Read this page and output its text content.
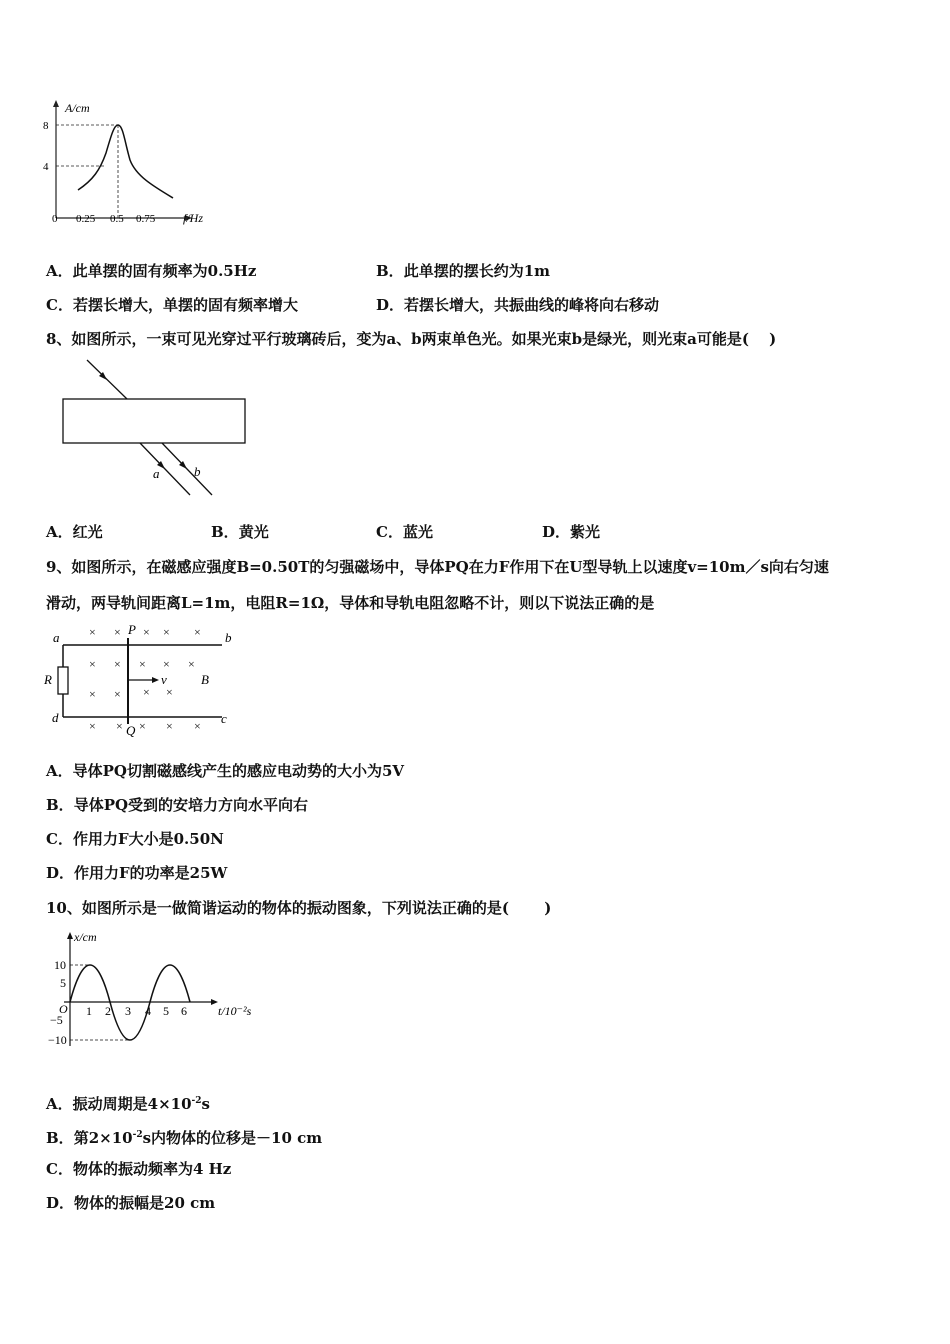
A/cm
8
4
0 0.25 0.5 0.75 f/Hz
A．此单摆的固有频率为0.5Hz	B．此单摆的摆长约为1m
C．若摆长增大，单摆的固有频率增大	D．若摆长增大，共振曲线的峰将向右移动
8、如图所示，一束可见光穿过平行玻璃砖后，变为a、b两束单色光。如果光束b是绿光，则光束a可能是(　 )
a	b
A．红光	B．黄光	C．蓝光	D．紫光
9、如图所示，在磁感应强度B=0.50T的匀强磁场中，导体PQ在力F作用下在U型导轨上以速度v=10m／s向右匀速
滑动，两导轨间距离L=1m，电阻R=1Ω，导体和导轨电阻忽略不计，则以下说法正确的是
× × × × ×
× × × × ×
× × × ×
× × × × ×
a	b
c
d
P
Q
R	v	B
A．导体PQ切割磁感线产生的感应电动势的大小为5V
B．导体PQ受到的安培力方向水平向右
C．作用力F大小是0.50N
D．作用力F的功率是25W
10、如图所示是一做简谐运动的物体的振动图象，下列说法正确的是(　　 )
x/cm
10
5
−5
−10
O 1 2 3 4 5 6	t/10⁻²s
A．振动周期是$4\times 10^{-2}s$
B．第$2\times 10^{-2}s$内物体的位移是－10 cm
C．物体的振动频率为4 Hz
D．物体的振幅是20 cm
